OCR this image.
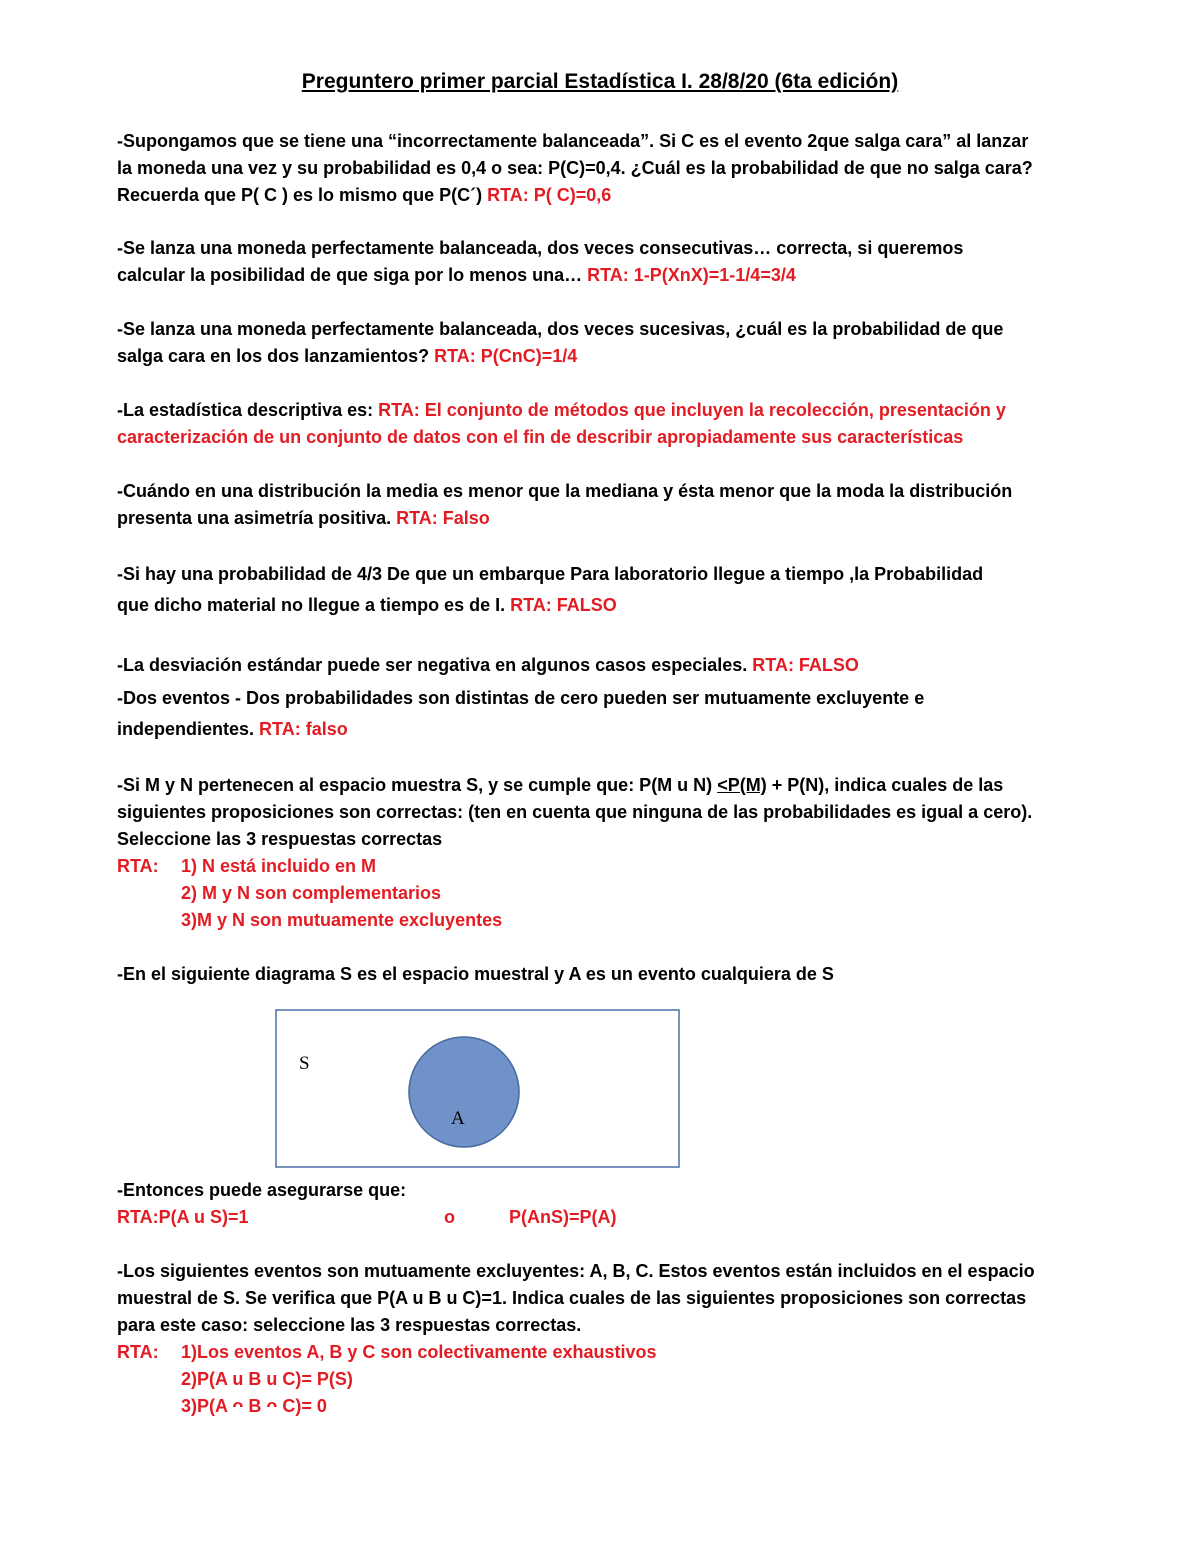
Preguntero primer parcial Estadística I. 28/8/20 (6ta edición)
-Supongamos que se tiene una “incorrectamente balanceada”. Si C es el evento 2que salga cara” al lanzar
la moneda una vez y su probabilidad es 0,4 o sea: P(C)=0,4. ¿Cuál es la probabilidad de que no salga cara?
Recuerda que P( C ) es lo mismo que P(C´) RTA: P( C)=0,6
-Se lanza una moneda perfectamente balanceada, dos veces consecutivas… correcta, si queremos
calcular la posibilidad de que siga por lo menos una… RTA: 1-P(XnX)=1-1/4=3/4
-Se lanza una moneda perfectamente balanceada, dos veces sucesivas, ¿cuál es la probabilidad de que
salga cara en los dos lanzamientos? RTA: P(CnC)=1/4
-La estadística descriptiva es: RTA: El conjunto de métodos que incluyen la recolección, presentación y
caracterización de un conjunto de datos con el fin de describir apropiadamente sus características
-Cuándo en una distribución la media es menor que la mediana y ésta menor que la moda la distribución
presenta una asimetría positiva. RTA: Falso
-Si hay una probabilidad de 4/3 De que un embarque Para laboratorio llegue a tiempo ,la Probabilidad
que dicho material no llegue a tiempo es de I. RTA: FALSO
-La desviación estándar puede ser negativa en algunos casos especiales. RTA: FALSO
-Dos eventos - Dos probabilidades son distintas de cero pueden ser mutuamente excluyente e
independientes. RTA: falso
-Si M y N pertenecen al espacio muestra S, y se cumple que: P(M u N) <P(M) + P(N), indica cuales de las
siguientes proposiciones son correctas: (ten en cuenta que ninguna de las probabilidades es igual a cero).
Seleccione las 3 respuestas correctas
RTA: 1) N está incluido en M
2) M y N son complementarios
3)M y N son mutuamente excluyentes
-En el siguiente diagrama S es el espacio muestral y A es un evento cualquiera de S
S
A
-Entonces puede asegurarse que:
RTA:P(A u S)=1	o	P(AnS)=P(A)
-Los siguientes eventos son mutuamente excluyentes: A, B, C. Estos eventos están incluidos en el espacio
muestral de S. Se verifica que P(A u B u C)=1. Indica cuales de las siguientes proposiciones son correctas
para este caso: seleccione las 3 respuestas correctas.
RTA: 1)Los eventos A, B y C son colectivamente exhaustivos
2)P(A u B u C)= P(S)
3)P(A ᴖ B ᴖ C)= 0
